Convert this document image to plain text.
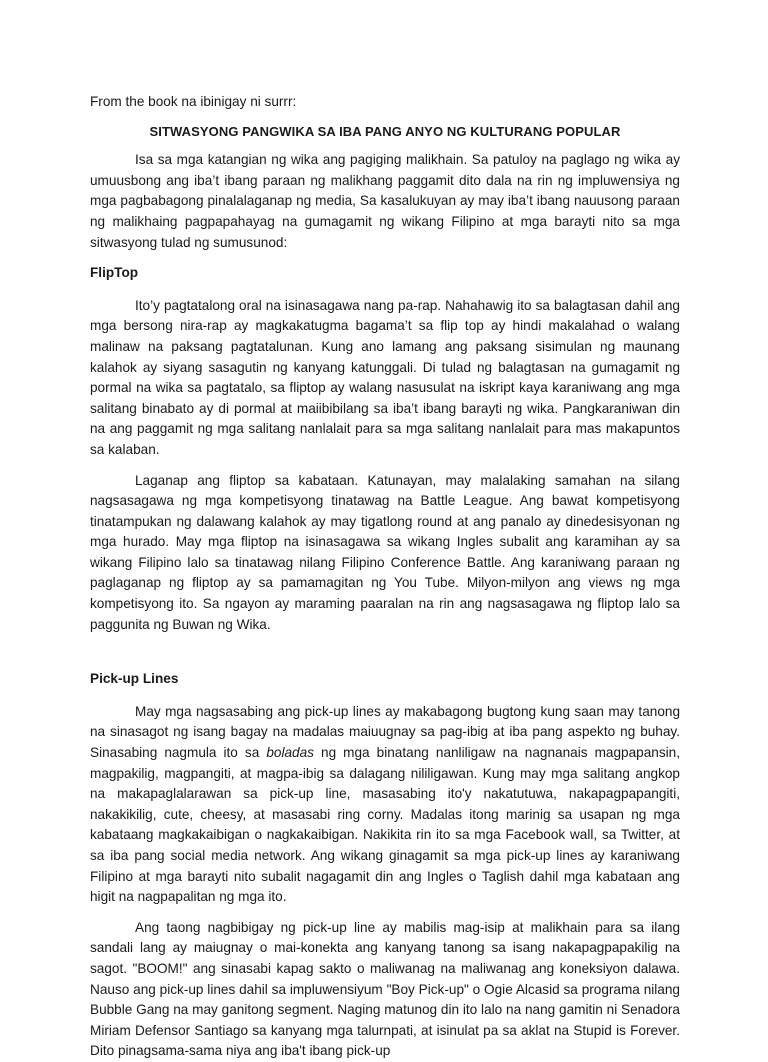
From the book na ibinigay ni surrr:

SITWASYONG PANGWIKA SA IBA PANG ANYO NG KULTURANG POPULAR

Isa sa mga katangian ng wika ang pagiging malikhain. Sa patuloy na paglago ng wika ay umuusbong ang iba’t ibang paraan ng malikhang paggamit dito dala na rin ng impluwensiya ng mga pagbabagong pinalalaganap ng media, Sa kasalukuyan ay may iba’t ibang nauusong paraan ng malikhaing pagpapahayag na gumagamit ng wikang Filipino at mga barayti nito sa mga sitwasyong tulad ng sumusunod:

FlipTop

Ito’y pagtatalong oral na isinasagawa nang pa-rap. Nahahawig ito sa balagtasan dahil ang mga bersong nira-rap ay magkakatugma bagama’t sa flip top ay hindi makalahad o walang malinaw na paksang pagtatalunan. Kung ano lamang ang paksang sisimulan ng maunang kalahok ay siyang sasagutin ng kanyang katunggali. Di tulad ng balagtasan na gumagamit ng pormal na wika sa pagtatalo, sa fliptop ay walang nasusulat na iskript kaya karaniwang ang mga salitang binabato ay di pormal at maiibibilang sa iba’t ibang barayti ng wika. Pangkaraniwan din na ang paggamit ng mga salitang nanlalait para sa mga salitang nanlalait para mas makapuntos sa kalaban.

Laganap ang fliptop sa kabataan. Katunayan, may malalaking samahan na silang nagsasagawa ng mga kompetisyong tinatawag na Battle League. Ang bawat kompetisyong tinatampukan ng dalawang kalahok ay may tigatlong round at ang panalo ay dinedesisyonan ng mga hurado. May mga fliptop na isinasagawa sa wikang Ingles subalit ang karamihan ay sa wikang Filipino lalo sa tinatawag nilang Filipino Conference Battle. Ang karaniwang paraan ng paglaganap ng fliptop ay sa pamamagitan ng You Tube. Milyon-milyon ang views ng mga kompetisyong ito. Sa ngayon ay maraming paaralan na rin ang nagsasagawa ng fliptop lalo sa paggunita ng Buwan ng Wika.

Pick-up Lines

May mga nagsasabing ang pick-up lines ay makabagong bugtong kung saan may tanong na sinasagot ng isang bagay na madalas maiuugnay sa pag-ibig at iba pang aspekto ng buhay. Sinasabing nagmula ito sa boladas ng mga binatang nanliligaw na nagnanais magpapansin, magpakilig, magpangiti, at magpa-ibig sa dalagang nililigawan. Kung may mga salitang angkop na makapaglalarawan sa pick-up line, masasabing ito'y nakatutuwa, nakapagpapangiti, nakakikilig, cute, cheesy, at masasabi ring corny. Madalas itong marinig sa usapan ng mga kabataang magkakaibigan o nagkakaibigan. Nakikita rin ito sa mga Facebook wall, sa Twitter, at sa iba pang social media network. Ang wikang ginagamit sa mga pick-up lines ay karaniwang Filipino at mga barayti nito subalit nagagamit din ang Ingles o Taglish dahil mga kabataan ang higit na nagpapalitan ng mga ito.

Ang taong nagbibigay ng pick-up line ay mabilis mag-isip at malikhain para sa ilang sandali lang ay maiugnay o mai-konekta ang kanyang tanong sa isang nakapagpapakilig na sagot. "BOOM!" ang sinasabi kapag sakto o maliwanag na maliwanag ang koneksiyon dalawa. Nauso ang pick-up lines dahil sa impluwensiyum "Boy Pick-up" o Ogie Alcasid sa programa nilang Bubble Gang na may ganitong segment. Naging matunog din ito lalo na nang gamitin ni Senadora Miriam Defensor Santiago sa kanyang mga talurnpati, at isinulat pa sa aklat na Stupid is Forever. Dito pinagsama-sama niya ang iba't ibang pick-up
